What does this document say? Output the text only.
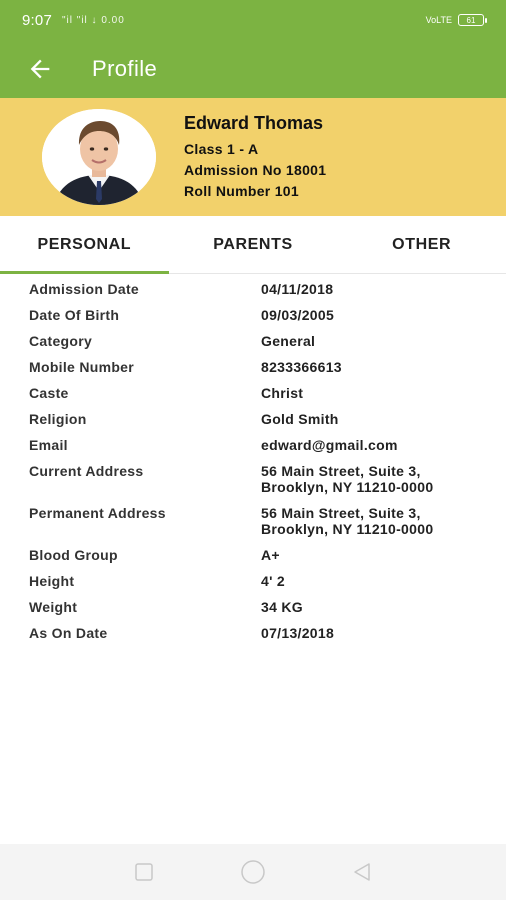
9:07 "il "il ↓ 0.00	VoLTE 61
Profile
Edward Thomas
Class 1 - A
Admission No 18001
Roll Number 101
PERSONAL	PARENTS	OTHER
Admission Date	04/11/2018
Date Of Birth	09/03/2005
Category	General
Mobile Number	8233366613
Caste	Christ
Religion	Gold Smith
Email	edward@gmail.com
Current Address	56 Main Street, Suite 3,
Brooklyn, NY 11210-0000
Permanent Address	56 Main Street, Suite 3,
Brooklyn, NY 11210-0000
Blood Group	A+
Height	4' 2
Weight	34 KG
As On Date	07/13/2018
